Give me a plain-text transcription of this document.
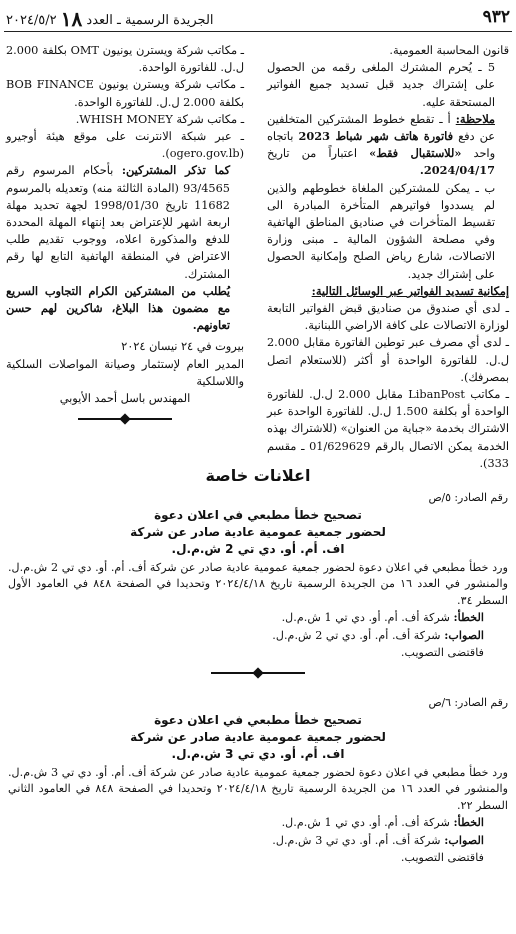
٩٣٢
الجريدة الرسمية ـ العدد ١٨ ٢٠٢٤/٥/٢

قانون المحاسبة العمومية.

5 ـ يُحرم المشترك الملغى رقمه من الحصول على إشتراك جديد قبل تسديد جميع الفواتير المستحقة عليه.

ملاحظة: أ ـ تقطع خطوط المشتركين المتخلفين عن دفع فاتورة هاتف شهر شباط 2023 باتجاه واحد «للاستقبال فقط» اعتباراً من تاريخ 2024/04/17.

ب ـ يمكن للمشتركين الملغاة خطوطهم والذين لم يسددوا فواتيرهم المتأخرة المبادرة الى تقسيط المتأخرات في صناديق المناطق الهاتفية وفي مصلحة الشؤون المالية ـ مبنى وزارة الاتصالات، شارع رياض الصلح وإمكانية الحصول على إشتراك جديد.

إمكانية تسديد الفواتير عبر الوسائل التالية:

ـ لدى أي صندوق من صناديق قبض الفواتير التابعة لوزارة الاتصالات على كافة الاراضي اللبنانية.

ـ لدى أي مصرف عبر توطين الفاتورة مقابل 2.000 ل.ل. للفاتورة الواحدة أو أكثر (للاستعلام اتصل بمصرفك).

ـ مكاتب LibanPost مقابل 2.000 ل.ل. للفاتورة الواحدة أو بكلفة 1.500 ل.ل. للفاتورة الواحدة عبر الاشتراك بخدمة «جباية من العنوان» (للاشتراك بهذه الخدمة يمكن الاتصال بالرقم 01/629629 ـ مقسم 333).

ـ مكاتب شركة ويسترن يونيون OMT بكلفة 2.000 ل.ل. للفاتورة الواحدة.

ـ مكاتب شركة ويسترن يونيون BOB FINANCE بكلفة 2.000 ل.ل. للفاتورة الواحدة.

ـ مكاتب شركة WHISH MONEY.

ـ عبر شبكة الانترنت على موقع هيئة أوجيرو (ogero.gov.lb).

كما تذكر المشتركين: بأحكام المرسوم رقم 93/4565 (المادة الثالثة منه) وتعديله بالمرسوم 11682 تاريخ 1998/01/30 لجهة تحديد مهلة اربعة اشهر للإعتراض بعد إنتهاء المهلة المحددة للدفع والمذكورة اعلاه، ووجوب تقديم طلب الاعتراض في المنطقة الهاتفية التابع لها رقم المشترك.

يُطلب من المشتركين الكرام التجاوب السريع مع مضمون هذا البلاغ، شاكرين لهم حسن تعاونهم.

بيروت في ٢٤ نيسان ٢٠٢٤

المدير العام لإستثمار وصيانة المواصلات السلكية واللاسلكية

المهندس باسل أحمد الأيوبي

اعلانات خاصة

رقم الصادر: ٥/ص

تصحيح خطأ مطبعي في اعلان دعوة

لحضور جمعية عمومية عادية صادر عن شركة

اف. أم. أو. دي تي 2 ش.م.ل.

ورد خطأ مطبعي في اعلان دعوة لحضور جمعية عمومية عادية صادر عن شركة أف. أم. أو. دي تي 2 ش.م.ل. والمنشور في العدد ١٦ من الجريدة الرسمية تاريخ ٢٠٢٤/٤/١٨ وتحديدا في الصفحة ٨٤٨ في العامود الأول السطر ٣٤.

الخطأ: شركة أف. أم. أو. دي تي 1 ش.م.ل.

الصواب: شركة أف. أم. أو. دي تي 2 ش.م.ل.

فاقتضى التصويب.

رقم الصادر: ٦/ص

تصحيح خطأ مطبعي في اعلان دعوة

لحضور جمعية عمومية عادية صادر عن شركة

اف. أم. أو. دي تي 3 ش.م.ل.

ورد خطأ مطبعي في اعلان دعوة لحضور جمعية عمومية عادية صادر عن شركة أف. أم. أو. دي تي 3 ش.م.ل. والمنشور في العدد ١٦ من الجريدة الرسمية تاريخ ٢٠٢٤/٤/١٨ وتحديدا في الصفحة ٨٤٨ في العامود الثاني السطر ٢٢.

الخطأ: شركة أف. أم. أو. دي تي 1 ش.م.ل.

الصواب: شركة أف. أم. أو. دي تي 3 ش.م.ل.

فاقتضى التصويب.
